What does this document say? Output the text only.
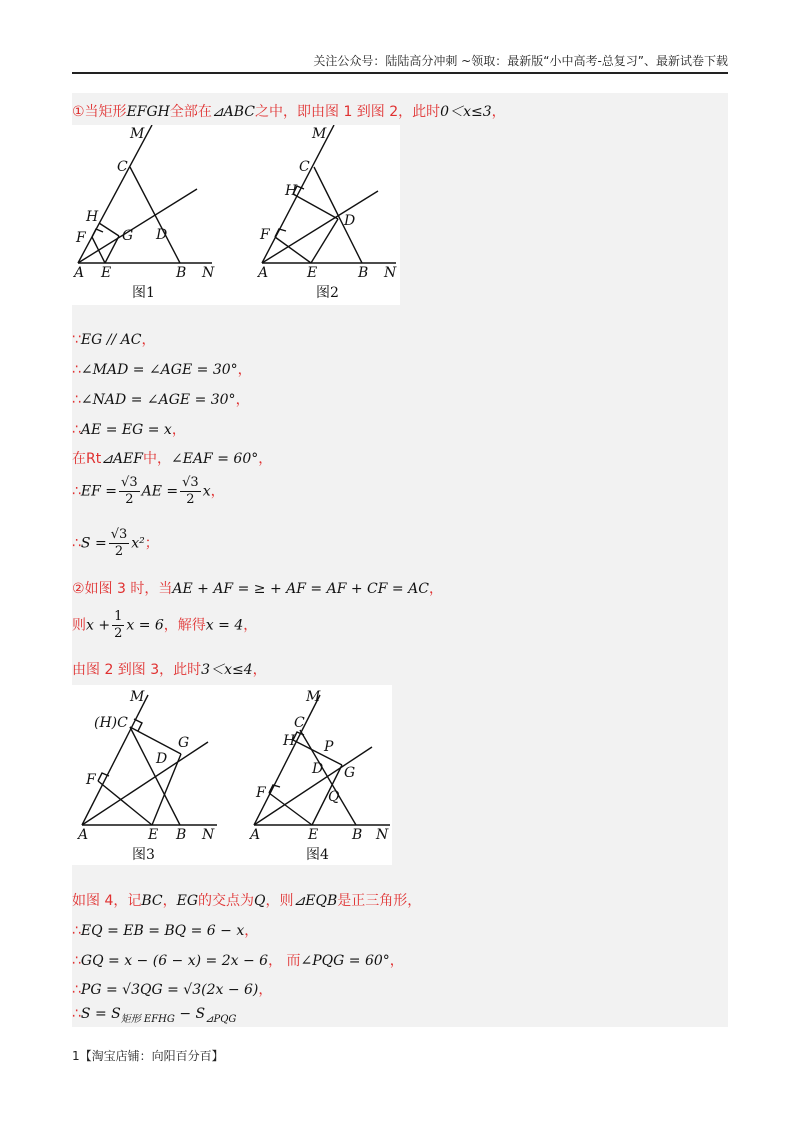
关注公众号：陆陆高分冲刺 ~领取：最新版“小中高考-总复习”、最新试卷下载
①当矩形EFGH全部在⊿ABC之中，即由图 1 到图 2，此时0＜x≤3，
M
C
D
H
F	G
A E	B N
M
C
D
H
F
A	E	B N
图1	图2
∵EG // AC，
∴∠MAD = ∠AGE = 30°，
∴∠NAD = ∠AGE = 30°，
∴AE = EG = x，
在Rt⊿AEF中，∠EAF = 60°，
∴EF = $\frac{√3}{2}$ AE = $\frac{√3}{2}$ x，
∴S = $\frac{√3}{2} x^2$；
②如图 3 时，当AE + AF = ≥ + AF = AF + CF = AC，
则$x + \frac{1}{2}$ x = 6，解得x = 4，
由图 2 到图 3，此时3＜x≤4，
M
(H)C
G
D
F
A	E B N
M
C
H P
D G
Q
F
A	E B N
图3	图4
如图 4，记BC，EG的交点为Q，则⊿EQB是正三角形，
∴EQ = EB = BQ = 6 − x，
∴GQ = x − (6 − x) = 2x − 6， 而∠PQG = 60°，
∴PG = √3QG = √3(2x − 6)，
∴S = $S_{矩形 EFHG} - S_{⊿PQG}$
1【淘宝店铺：向阳百分百】
